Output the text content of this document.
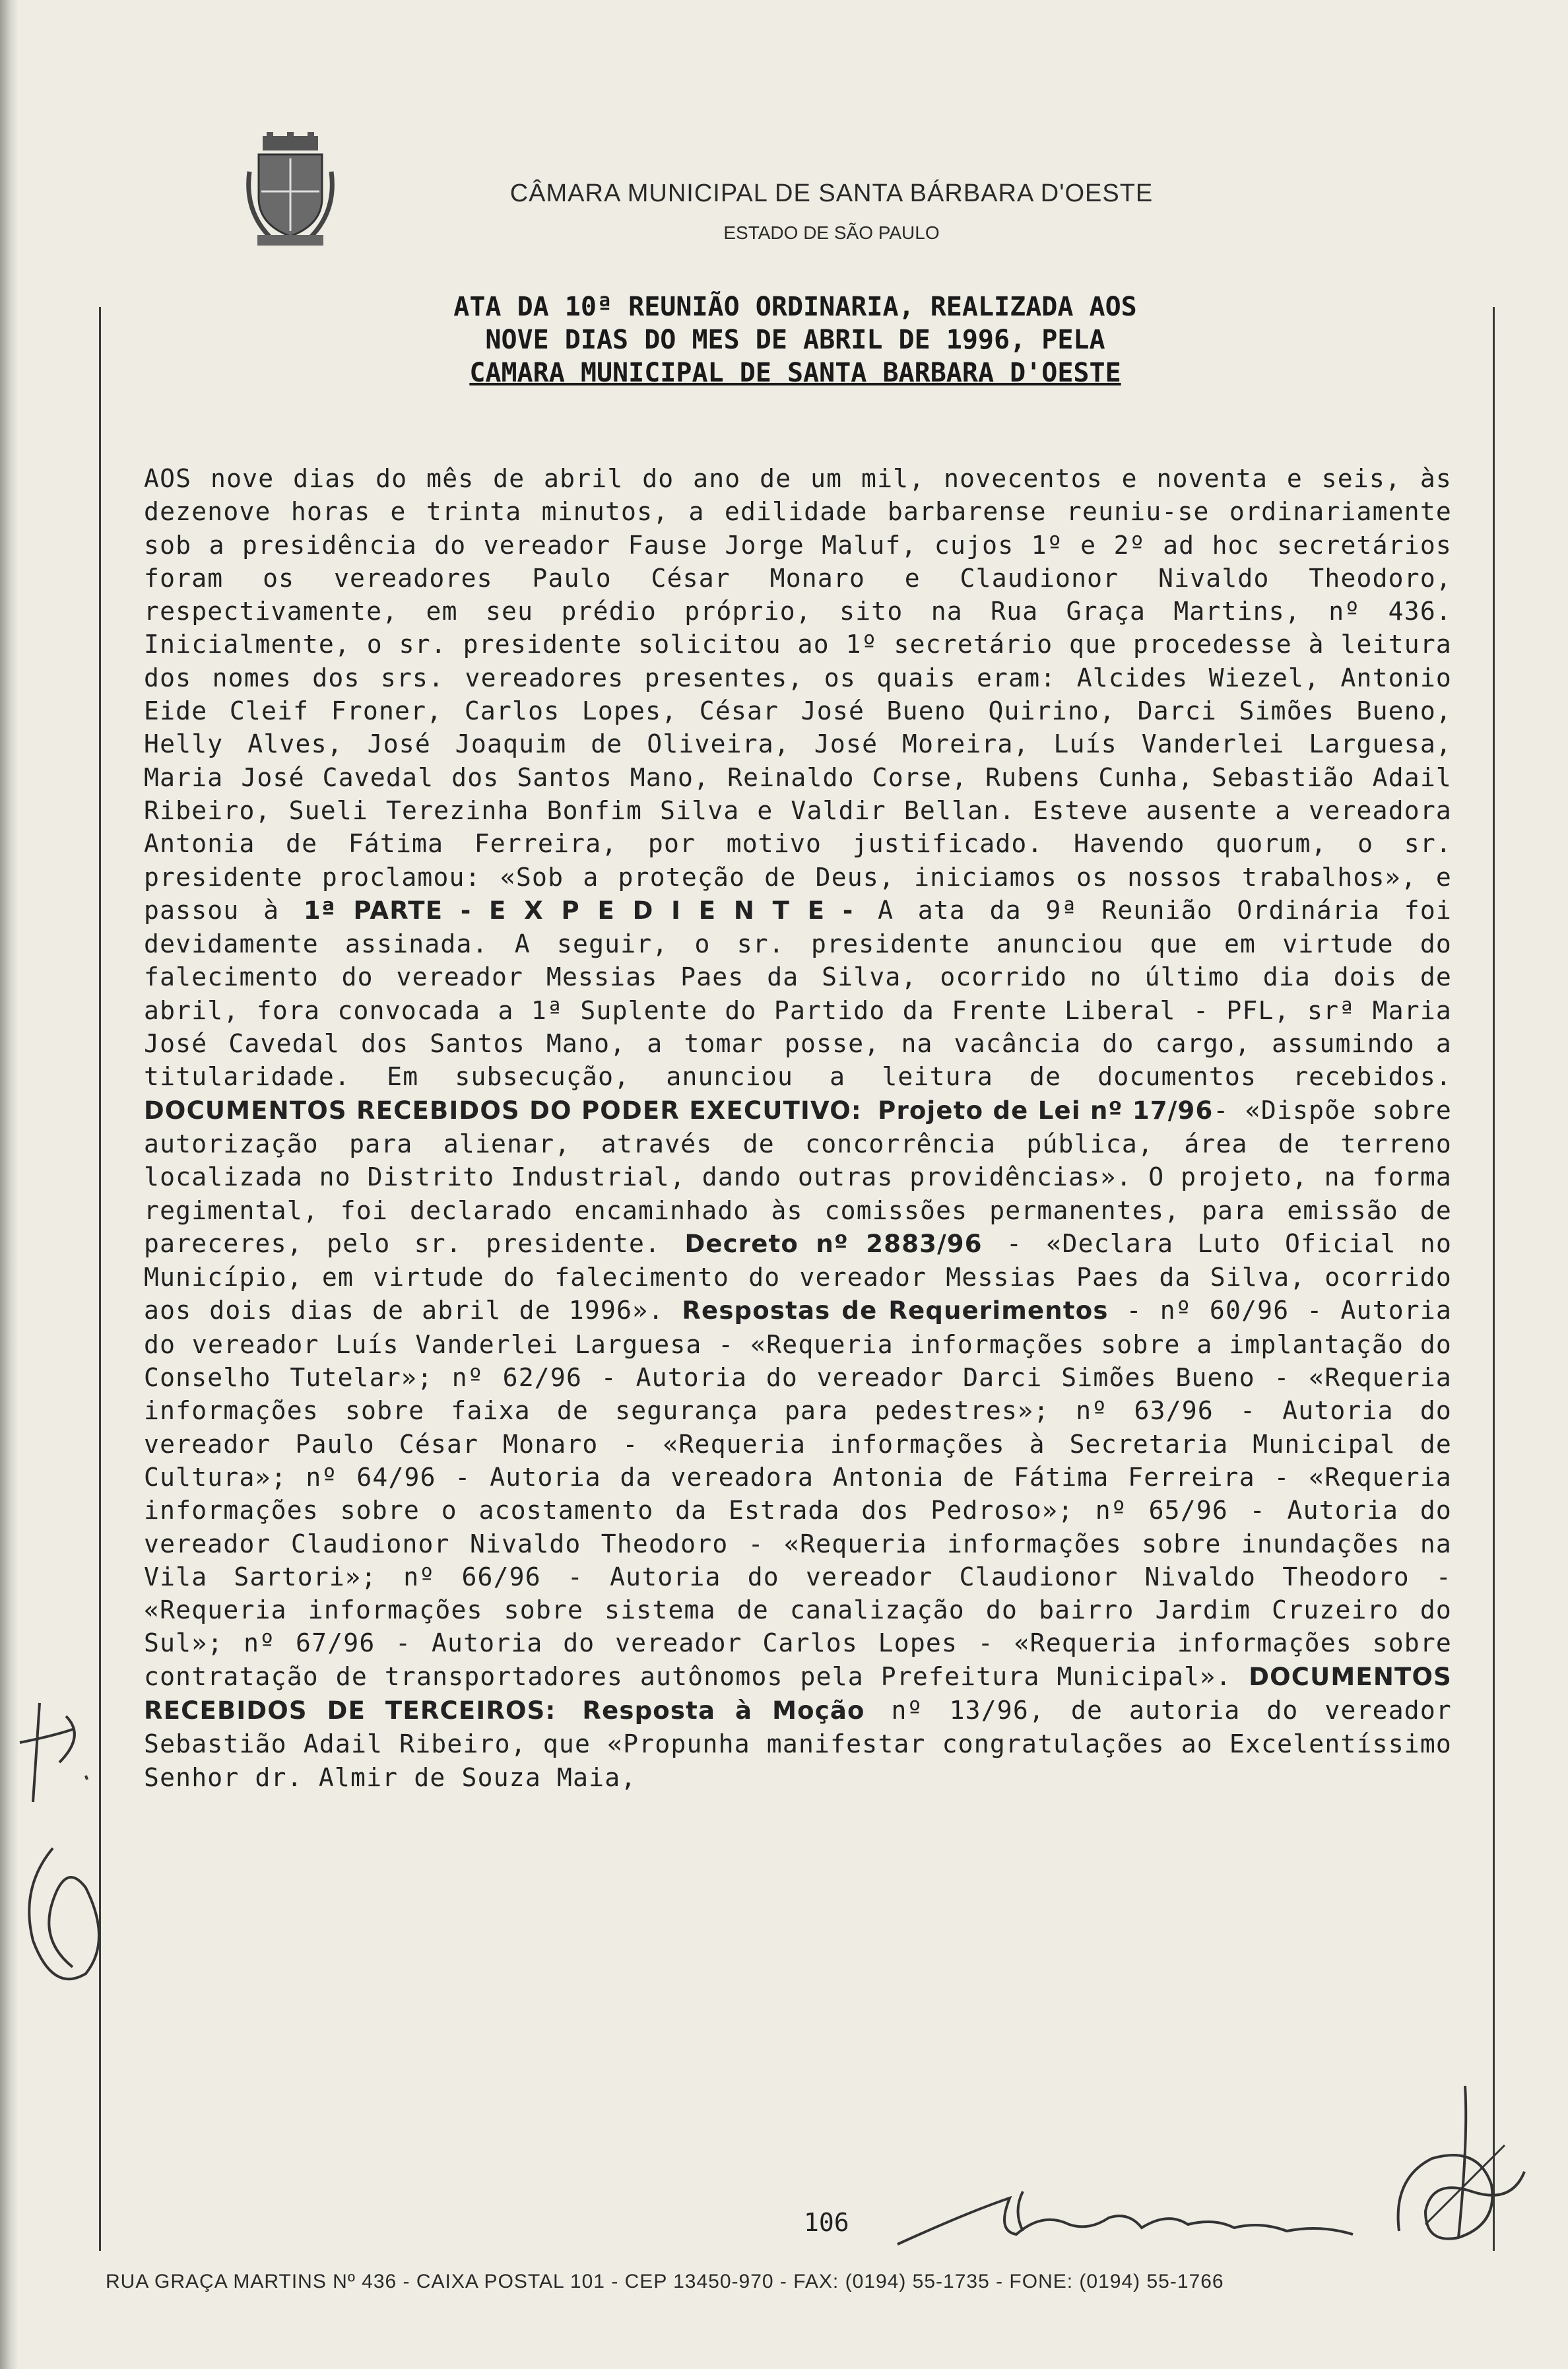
CÂMARA MUNICIPAL DE SANTA BÁRBARA D'OESTE
ESTADO DE SÃO PAULO
ATA DA 10ª REUNIÃO ORDINARIA, REALIZADA AOS
NOVE DIAS DO MES DE ABRIL DE 1996, PELA
CAMARA MUNICIPAL DE SANTA BARBARA D'OESTE
AOS nove dias do mês de abril do ano de um mil, novecentos e noventa e seis, às dezenove horas e trinta minutos, a edilidade barbarense reuniu-se ordinariamente sob a presidência do vereador Fause Jorge Maluf, cujos 1º e 2º ad hoc secretários foram os vereadores Paulo César Monaro e Claudionor Nivaldo Theodoro, respectivamente, em seu prédio próprio, sito na Rua Graça Martins, nº 436. Inicialmente, o sr. presidente solicitou ao 1º secretário que procedesse à leitura dos nomes dos srs. vereadores presentes, os quais eram: Alcides Wiezel, Antonio Eide Cleif Froner, Carlos Lopes, César José Bueno Quirino, Darci Simões Bueno, Helly Alves, José Joaquim de Oliveira, José Moreira, Luís Vanderlei Larguesa, Maria José Cavedal dos Santos Mano, Reinaldo Corse, Rubens Cunha, Sebastião Adail Ribeiro, Sueli Terezinha Bonfim Silva e Valdir Bellan. Esteve ausente a vereadora Antonia de Fátima Ferreira, por motivo justificado. Havendo quorum, o sr. presidente proclamou: «Sob a proteção de Deus, iniciamos os nossos trabalhos», e passou à 1ª PARTE - E X P E D I E N T E - A ata da 9ª Reunião Ordinária foi devidamente assinada. A seguir, o sr. presidente anunciou que em virtude do falecimento do vereador Messias Paes da Silva, ocorrido no último dia dois de abril, fora convocada a 1ª Suplente do Partido da Frente Liberal - PFL, srª Maria José Cavedal dos Santos Mano, a tomar posse, na vacância do cargo, assumindo a titularidade. Em subsecução, anunciou a leitura de documentos recebidos. DOCUMENTOS RECEBIDOS DO PODER EXECUTIVO: Projeto de Lei nº 17/96- «Dispõe sobre autorização para alienar, através de concorrência pública, área de terreno localizada no Distrito Industrial, dando outras providências». O projeto, na forma regimental, foi declarado encaminhado às comissões permanentes, para emissão de pareceres, pelo sr. presidente. Decreto nº 2883/96 - «Declara Luto Oficial no Município, em virtude do falecimento do vereador Messias Paes da Silva, ocorrido aos dois dias de abril de 1996». Respostas de Requerimentos - nº 60/96 - Autoria do vereador Luís Vanderlei Larguesa - «Requeria informações sobre a implantação do Conselho Tutelar»; nº 62/96 - Autoria do vereador Darci Simões Bueno - «Requeria informações sobre faixa de segurança para pedestres»; nº 63/96 - Autoria do vereador Paulo César Monaro - «Requeria informações à Secretaria Municipal de Cultura»; nº 64/96 - Autoria da vereadora Antonia de Fátima Ferreira - «Requeria informações sobre o acostamento da Estrada dos Pedroso»; nº 65/96 - Autoria do vereador Claudionor Nivaldo Theodoro - «Requeria informações sobre inundações na Vila Sartori»; nº 66/96 - Autoria do vereador Claudionor Nivaldo Theodoro - «Requeria informações sobre sistema de canalização do bairro Jardim Cruzeiro do Sul»; nº 67/96 - Autoria do vereador Carlos Lopes - «Requeria informações sobre contratação de transportadores autônomos pela Prefeitura Municipal». DOCUMENTOS RECEBIDOS DE TERCEIROS: Resposta à Moção nº 13/96, de autoria do vereador Sebastião Adail Ribeiro, que «Propunha manifestar congratulações ao Excelentíssimo Senhor dr. Almir de Souza Maia,
106
RUA GRAÇA MARTINS Nº 436 - CAIXA POSTAL 101 - CEP 13450-970 - FAX: (0194) 55-1735 - FONE: (0194) 55-1766
